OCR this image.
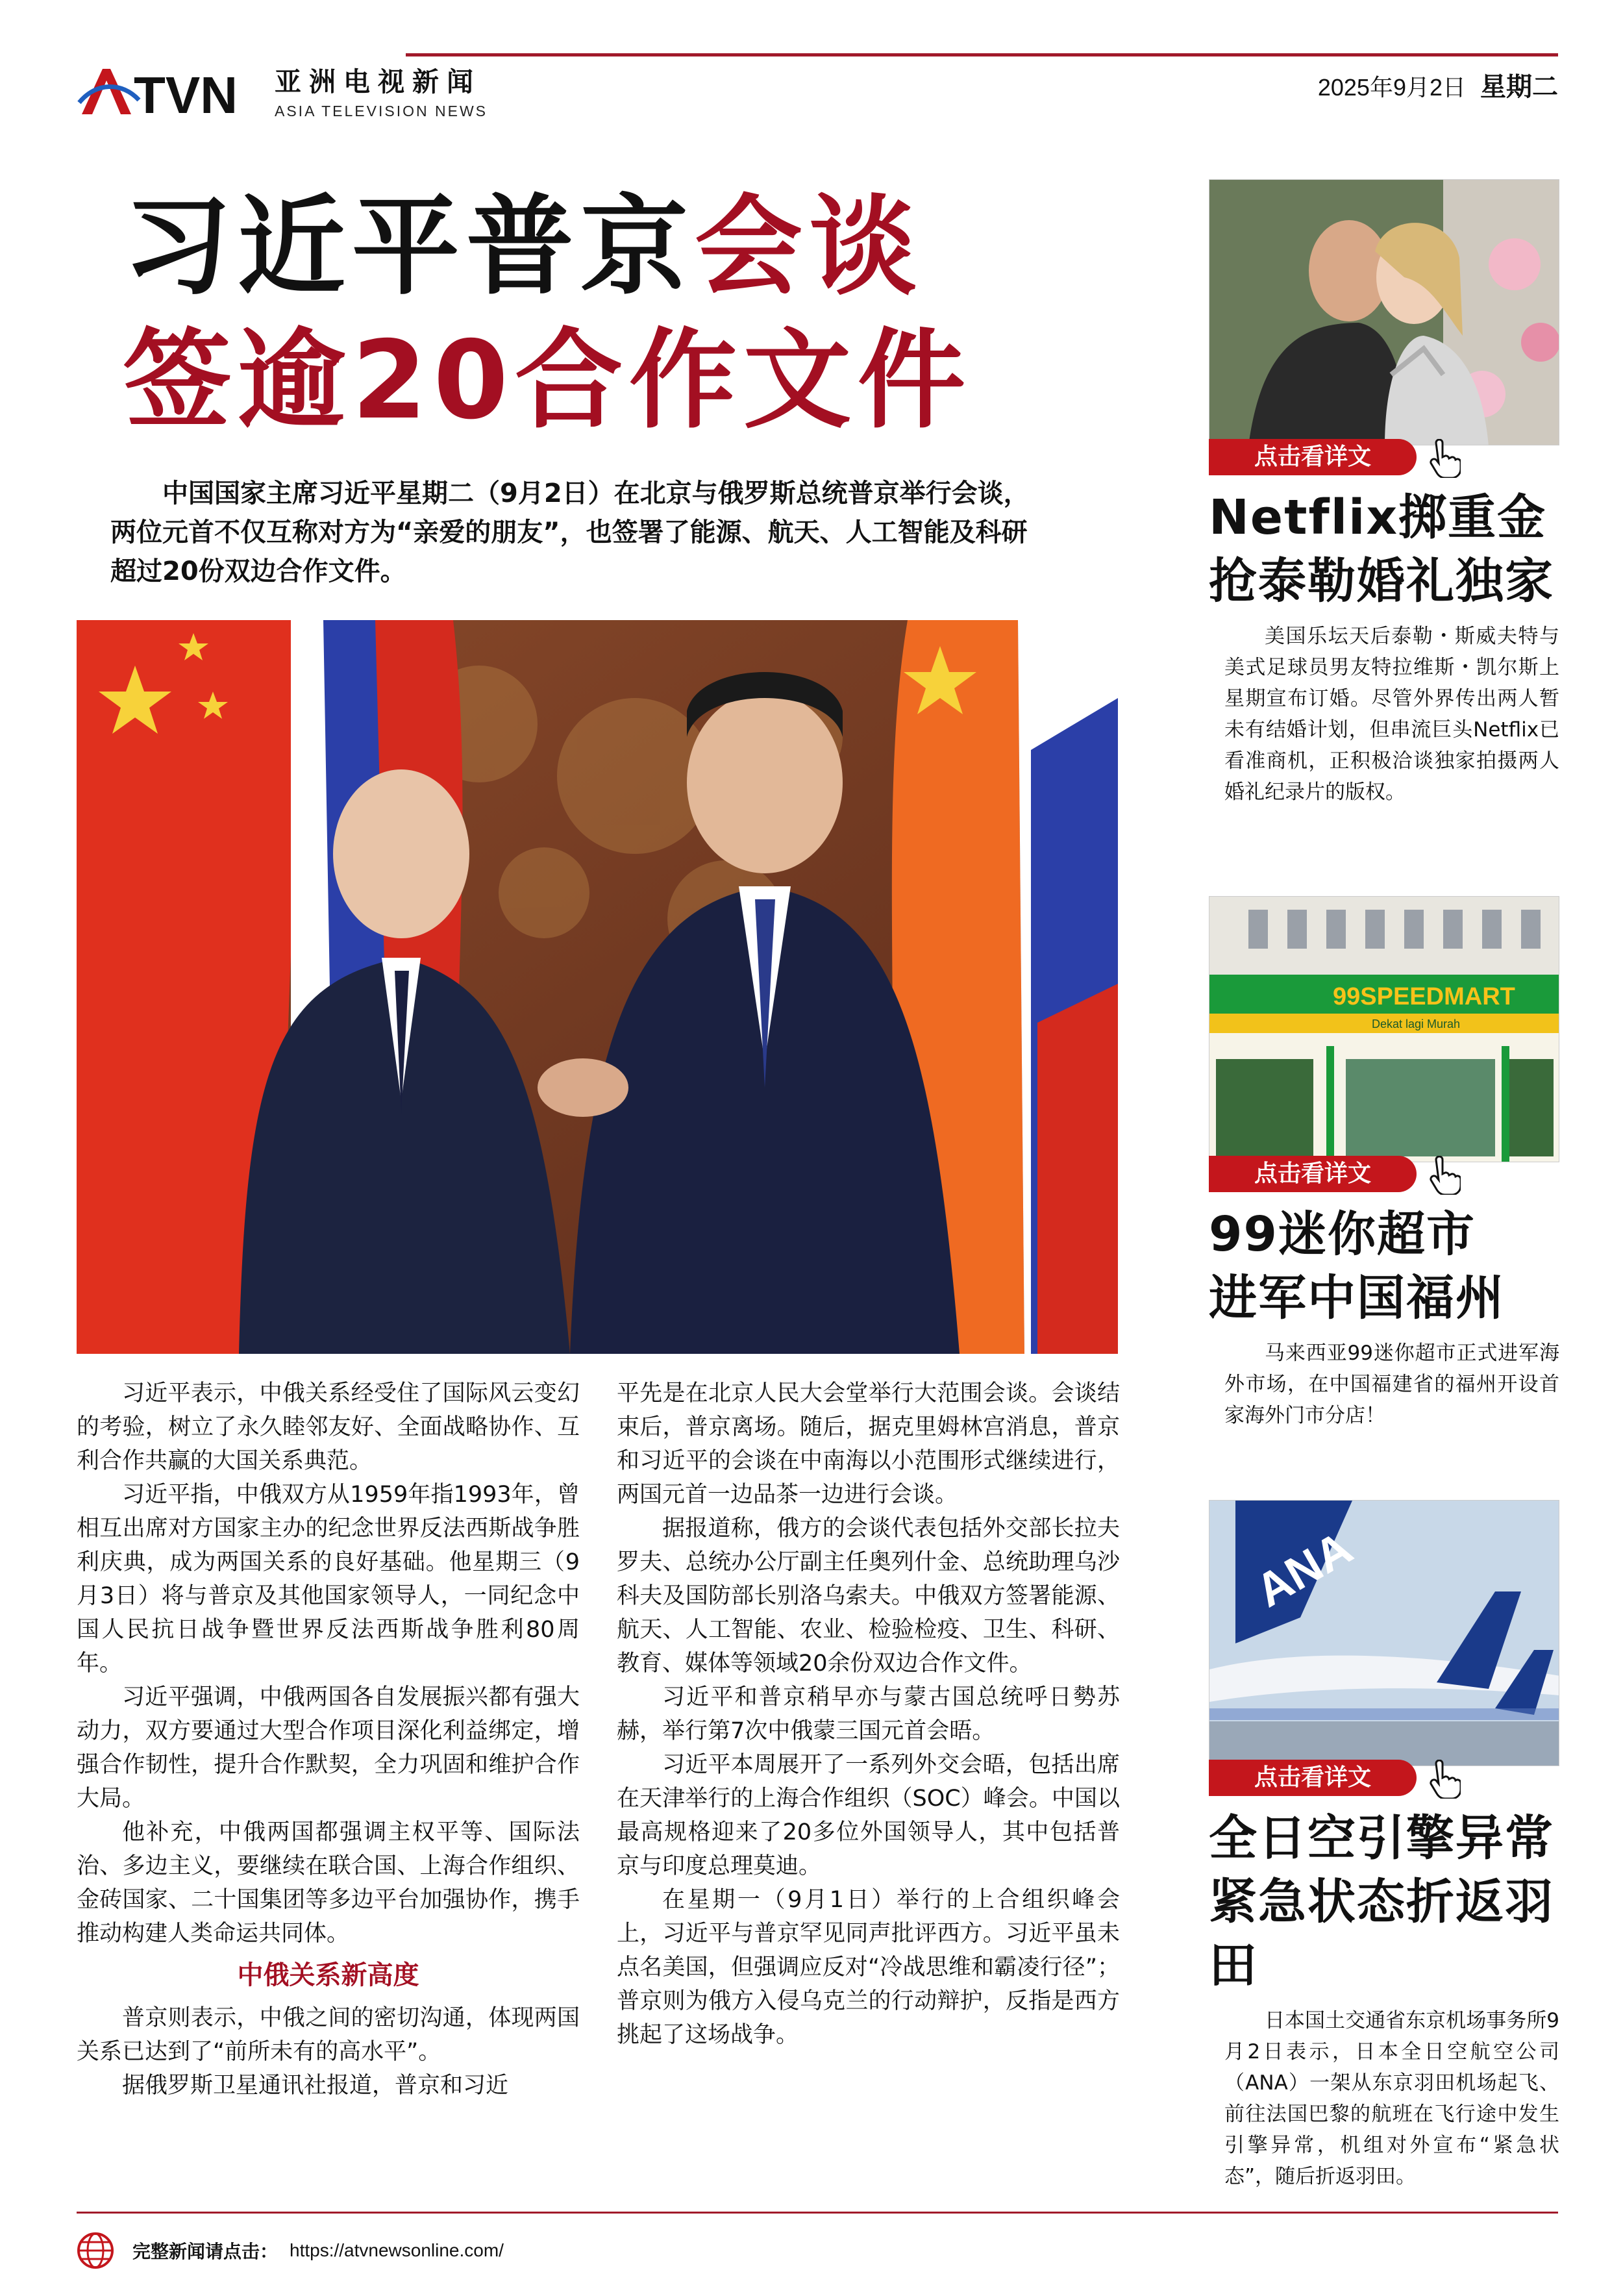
TVN 亚洲电视新闻
ASIA TELEVISION NEWS
2025年9月2日 星期二
习近平普京会谈
签逾20合作文件

中国国家主席习近平星期二（9月2日）在北京与俄罗斯总统普京举行会谈，两位元首不仅互称对方为“亲爱的朋友”，也签署了能源、航天、人工智能及科研超过20份双边合作文件。

习近平表示，中俄关系经受住了国际风云变幻的考验，树立了永久睦邻友好、全面战略协作、互利合作共赢的大国关系典范。

习近平指，中俄双方从1959年指1993年，曾相互出席对方国家主办的纪念世界反法西斯战争胜利庆典，成为两国关系的良好基础。他星期三（9月3日）将与普京及其他国家领导人，一同纪念中国人民抗日战争暨世界反法西斯战争胜利80周年。

习近平强调，中俄两国各自发展振兴都有强大动力，双方要通过大型合作项目深化利益绑定，增强合作韧性，提升合作默契，全力巩固和维护合作大局。

他补充，中俄两国都强调主权平等、国际法治、多边主义，要继续在联合国、上海合作组织、金砖国家、二十国集团等多边平台加强协作，携手推动构建人类命运共同体。

中俄关系新高度

普京则表示，中俄之间的密切沟通，体现两国关系已达到了“前所未有的高水平”。

据俄罗斯卫星通讯社报道，普京和习近

平先是在北京人民大会堂举行大范围会谈。会谈结束后，普京离场。随后，据克里姆林宫消息，普京和习近平的会谈在中南海以小范围形式继续进行，两国元首一边品茶一边进行会谈。

据报道称，俄方的会谈代表包括外交部长拉夫罗夫、总统办公厅副主任奥列什金、总统助理乌沙科夫及国防部长别洛乌索夫。中俄双方签署能源、航天、人工智能、农业、检验检疫、卫生、科研、教育、媒体等领域20余份双边合作文件。

习近平和普京稍早亦与蒙古国总统呼日勢苏赫，举行第7次中俄蒙三国元首会晤。

习近平本周展开了一系列外交会晤，包括出席在天津举行的上海合作组织（SOC）峰会。中国以最高规格迎来了20多位外国领导人，其中包括普京与印度总理莫迪。

在星期一（9月1日）举行的上合组织峰会上，习近平与普京罕见同声批评西方。习近平虽未点名美国，但强调应反对“冷战思维和霸凌行径”；普京则为俄方入侵乌克兰的行动辩护，反指是西方挑起了这场战争。

点击看详文
Netflix掷重金
抢泰勒婚礼独家

美国乐坛天后泰勒・斯威夫特与美式足球员男友特拉维斯・凯尔斯上星期宣布订婚。尽管外界传出两人暂未有结婚计划，但串流巨头Netflix已看准商机，正积极洽谈独家拍摄两人婚礼纪录片的版权。

99SPEEDMART
Dekat lagi Murah
点击看详文
99迷你超市
进军中国福州

马来西亚99迷你超市正式进军海外市场，在中国福建省的福州开设首家海外门市分店！

ANA
点击看详文
全日空引擎异常
紧急状态折返羽田

日本国土交通省东京机场事务所9月2日表示，日本全日空航空公司（ANA）一架从东京羽田机场起飞、前往法国巴黎的航班在飞行途中发生引擎异常，机组对外宣布“紧急状态”，随后折返羽田。

完整新闻请点击： https://atvnewsonline.com/
